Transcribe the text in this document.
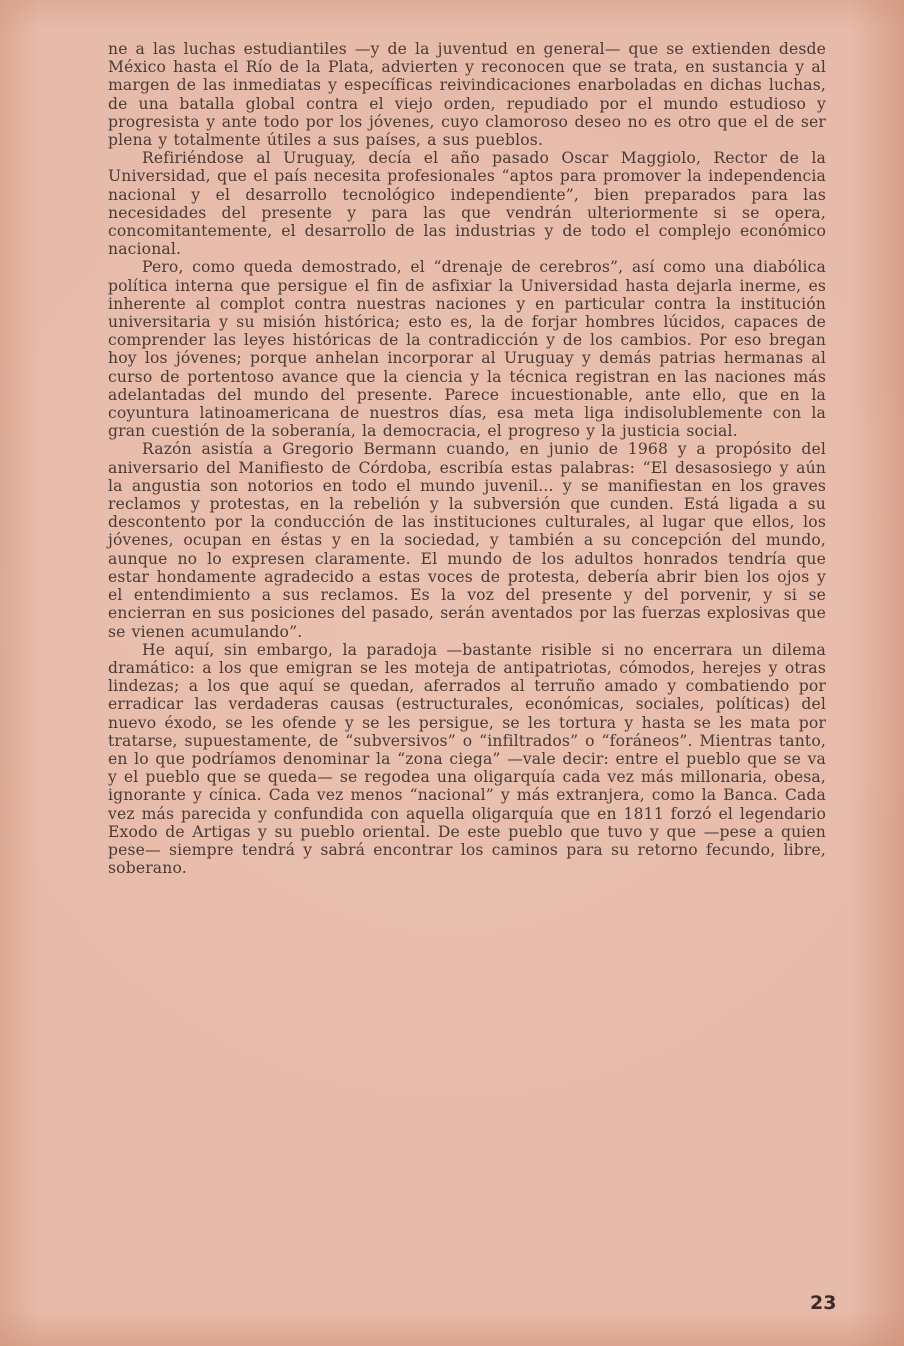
ne a las luchas estudiantiles —y de la juventud en general— que se extienden desde México hasta el Río de la Plata, advierten y reconocen que se trata, en sustancia y al margen de las inmediatas y específicas reivindicaciones enarboladas en dichas luchas, de una batalla global contra el viejo orden, repudiado por el mundo estudioso y progresista y ante todo por los jóvenes, cuyo clamoroso deseo no es otro que el de ser plena y totalmente útiles a sus países, a sus pueblos.

Refiriéndose al Uruguay, decía el año pasado Oscar Maggiolo, Rector de la Universidad, que el país necesita profesionales “aptos para promover la independencia nacional y el desarrollo tecnológico independiente”, bien preparados para las necesidades del presente y para las que vendrán ulteriormente si se opera, concomitantemente, el desarrollo de las industrias y de todo el complejo económico nacional.

Pero, como queda demostrado, el “drenaje de cerebros”, así como una diabólica política interna que persigue el fin de asfixiar la Universidad hasta dejarla inerme, es inherente al complot contra nuestras naciones y en particular contra la institución universitaria y su misión histórica; esto es, la de forjar hombres lúcidos, capaces de comprender las leyes históricas de la contradicción y de los cambios. Por eso bregan hoy los jóvenes; porque anhelan incorporar al Uruguay y demás patrias hermanas al curso de portentoso avance que la ciencia y la técnica registran en las naciones más adelantadas del mundo del presente. Parece incuestionable, ante ello, que en la coyuntura latinoamericana de nuestros días, esa meta liga indisolublemente con la gran cuestión de la soberanía, la democracia, el progreso y la justicia social.

Razón asistía a Gregorio Bermann cuando, en junio de 1968 y a propósito del aniversario del Manifiesto de Córdoba, escribía estas palabras: “El desasosiego y aún la angustia son notorios en todo el mundo juvenil... y se manifiestan en los graves reclamos y protestas, en la rebelión y la subversión que cunden. Está ligada a su descontento por la conducción de las instituciones culturales, al lugar que ellos, los jóvenes, ocupan en éstas y en la sociedad, y también a su concepción del mundo, aunque no lo expresen claramente. El mundo de los adultos honrados tendría que estar hondamente agradecido a estas voces de protesta, debería abrir bien los ojos y el entendimiento a sus reclamos. Es la voz del presente y del porvenir, y si se encierran en sus posiciones del pasado, serán aventados por las fuerzas explosivas que se vienen acumulando”.

He aquí, sin embargo, la paradoja —bastante risible si no encerrara un dilema dramático: a los que emigran se les moteja de antipatriotas, cómodos, herejes y otras lindezas; a los que aquí se quedan, aferrados al terruño amado y combatiendo por erradicar las verdaderas causas (estructurales, económicas, sociales, políticas) del nuevo éxodo, se les ofende y se les persigue, se les tortura y hasta se les mata por tratarse, supuestamente, de “subversivos” o “infiltrados” o “foráneos”. Mientras tanto, en lo que podríamos denominar la “zona ciega” —vale decir: entre el pueblo que se va y el pueblo que se queda— se regodea una oligarquía cada vez más millonaria, obesa, ignorante y cínica. Cada vez menos “nacional” y más extranjera, como la Banca. Cada vez más parecida y confundida con aquella oligarquía que en 1811 forzó el legendario Exodo de Artigas y su pueblo oriental. De este pueblo que tuvo y que —pese a quien pese— siempre tendrá y sabrá encontrar los caminos para su retorno fecundo, libre, soberano.

23
